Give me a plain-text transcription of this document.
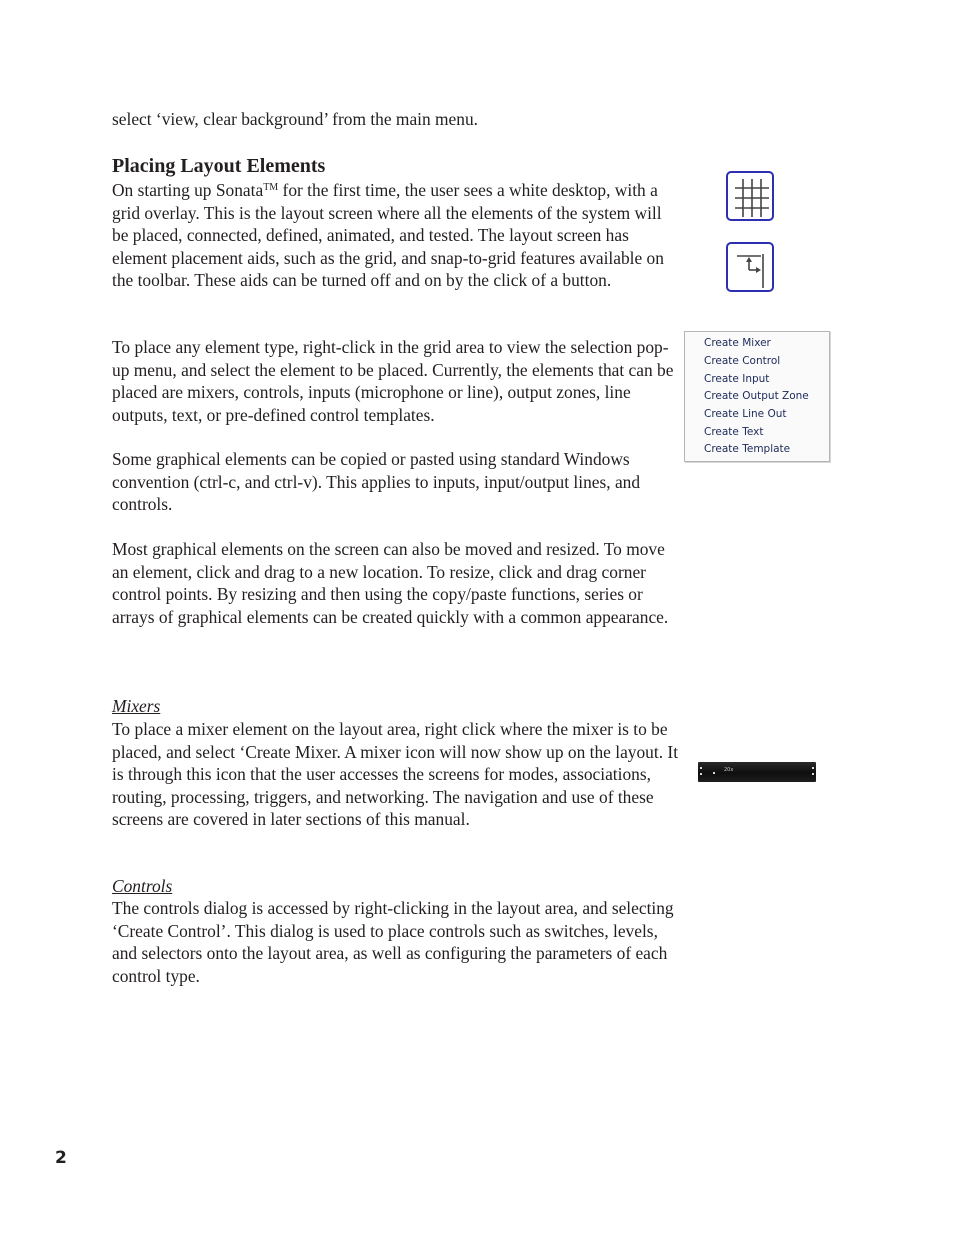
select ‘view, clear background’ from the main menu.

Placing Layout Elements

On starting up Sonata™ for the first time, the user sees a white desktop, with a grid overlay. This is the layout screen where all the elements of the system will be placed, connected, defined, animated, and tested. The layout screen has element placement aids, such as the grid, and snap-to-grid features available on the toolbar. These aids can be turned off and on by the click of a button.

To place any element type, right-click in the grid area to view the selection pop-up menu, and select the element to be placed. Currently, the elements that can be placed are mixers, controls, inputs (microphone or line), output zones, line outputs, text, or pre-defined control templates.

Some graphical elements can be copied or pasted using standard Windows convention (ctrl-c, and ctrl-v). This applies to inputs, input/output lines, and controls.

Most graphical elements on the screen can also be moved and resized. To move an element, click and drag to a new location. To resize, click and drag corner control points. By resizing and then using the copy/paste functions, series or arrays of graphical elements can be created quickly with a common appearance.

Mixers

To place a mixer element on the layout area, right click where the mixer is to be placed, and select ‘Create Mixer. A mixer icon will now show up on the layout. It is through this icon that the user accesses the screens for modes, associations, routing, processing, triggers, and networking. The navigation and use of these screens are covered in later sections of this manual.

Controls

The controls dialog is accessed by right-clicking in the layout area, and selecting ‘Create Control’. This dialog is used to place controls such as switches, levels, and selectors onto the layout area, as well as configuring the parameters of each control type.

Create Mixer
Create Control
Create Input
Create Output Zone
Create Line Out
Create Text
Create Template
20x

2
